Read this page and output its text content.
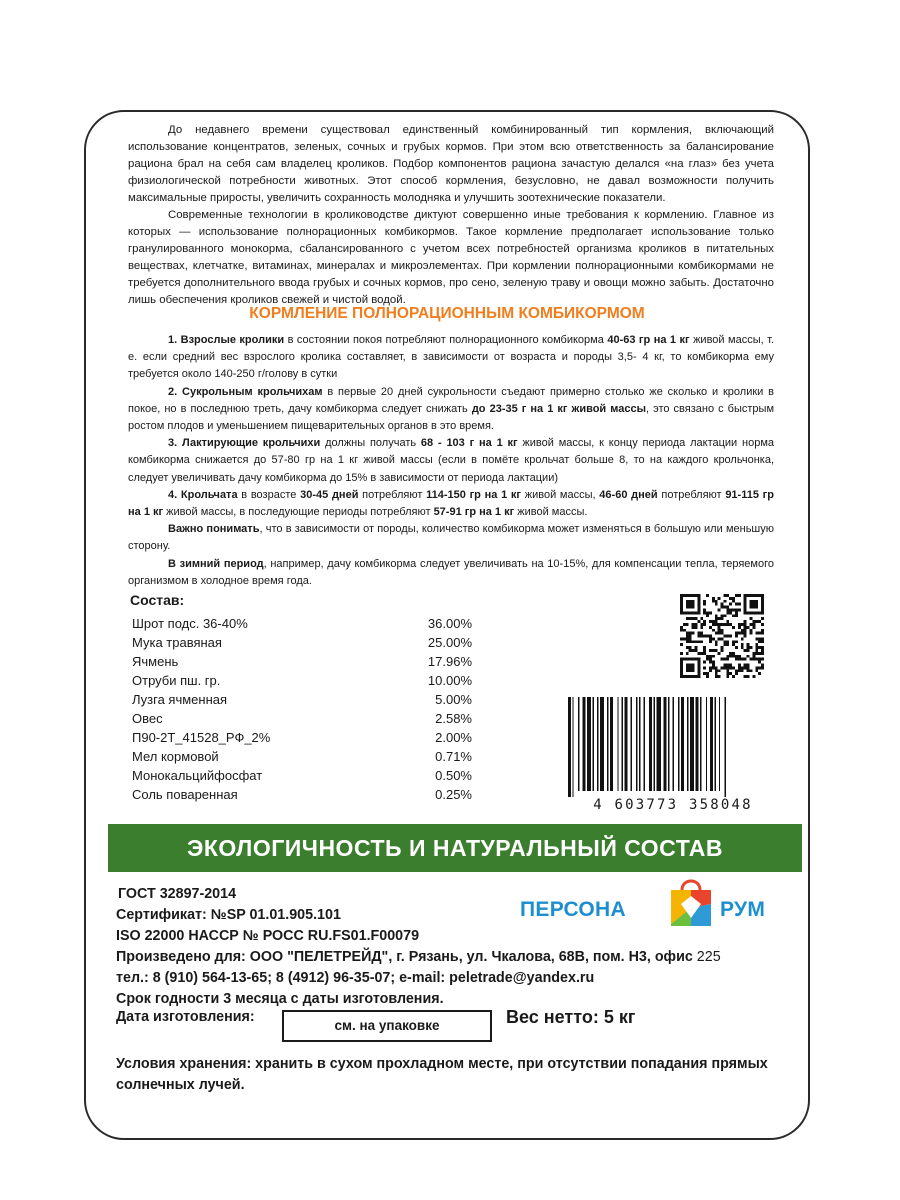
До недавнего времени существовал единственный комбинированный тип кормления, включающий использование концентратов, зеленых, сочных и грубых кормов. При этом всю ответственность за балансирование рациона брал на себя сам владелец кроликов. Подбор компонентов рациона зачастую делался «на глаз» без учета физиологической потребности животных. Этот способ кормления, безусловно, не давал возможности получить максимальные приросты, увеличить сохранность молодняка и улучшить зоотехнические показатели.

Современные технологии в кролиководстве диктуют совершенно иные требования к кормлению. Главное из которых — использование полнорационных комбикормов. Такое кормление предполагает использование только гранулированного монокорма, сбалансированного с учетом всех потребностей организма кроликов в питательных веществах, клетчатке, витаминах, минералах и микроэлементах. При кормлении полнорационными комбикормами не требуется дополнительного ввода грубых и сочных кормов, про сено, зеленую траву и овощи можно забыть. Достаточно лишь обеспечения кроликов свежей и чистой водой.

КОРМЛЕНИЕ ПОЛНОРАЦИОННЫМ КОМБИКОРМОМ

1. Взрослые кролики в состоянии покоя потребляют полнорационного комбикорма 40-63 гр на 1 кг живой массы, т. е. если средний вес взрослого кролика составляет, в зависимости от возраста и породы 3,5- 4 кг, то комбикорма ему требуется около 140-250 г/голову в сутки

2. Сукрольным крольчихам в первые 20 дней сукрольности съедают примерно столько же сколько и кролики в покое, но в последнюю треть, дачу комбикорма следует снижать до 23-35 г на 1 кг живой массы, это связано с быстрым ростом плодов и уменьшением пищеварительных органов в это время.

3. Лактирующие крольчихи должны получать 68 - 103 г на 1 кг живой массы, к концу периода лактации норма комбикорма снижается до 57-80 гр на 1 кг живой массы (если в помёте крольчат больше 8, то на каждого крольчонка, следует увеличивать дачу комбикорма до 15% в зависимости от периода лактации)

4. Крольчата в возрасте 30-45 дней потребляют 114-150 гр на 1 кг живой массы, 46-60 дней потребляют 91-115 гр на 1 кг живой массы, в последующие периоды потребляют 57-91 гр на 1 кг живой массы.

Важно понимать, что в зависимости от породы, количество комбикорма может изменяться в большую или меньшую сторону.

В зимний период, например, дачу комбикорма следует увеличивать на 10-15%, для компенсации тепла, теряемого организмом в холодное время года.

Состав:
Шрот подс. 36-40%	36.00%
Мука травяная	25.00%
Ячмень	17.96%
Отруби пш. гр.	10.00%
Лузга ячменная	5.00%
Овес	2.58%
П90-2Т_41528_РФ_2%	2.00%
Мел кормовой	0.71%
Монокальцийфосфат	0.50%
Соль поваренная	0.25%
4 603773 358048
ЭКОЛОГИЧНОСТЬ И НАТУРАЛЬНЫЙ СОСТАВ
ГОСТ 32897-2014
Сертификат: №SP 01.01.905.101
ISO 22000 НАССР № РОСС RU.FS01.F00079
Произведено для: ООО "ПЕЛЕТРЕЙД", г. Рязань, ул. Чкалова, 68В, пом. Н3, офис 225
тел.: 8 (910) 564-13-65; 8 (4912) 96-35-07; e-mail: peletrade@yandex.ru
Срок годности 3 месяца с даты изготовления.
ПЕРСОНА	РУМ
Дата изготовления:
см. на упаковке	Вес нетто: 5 кг
Условия хранения: хранить в сухом прохладном месте, при отсутствии попадания прямых солнечных лучей.
